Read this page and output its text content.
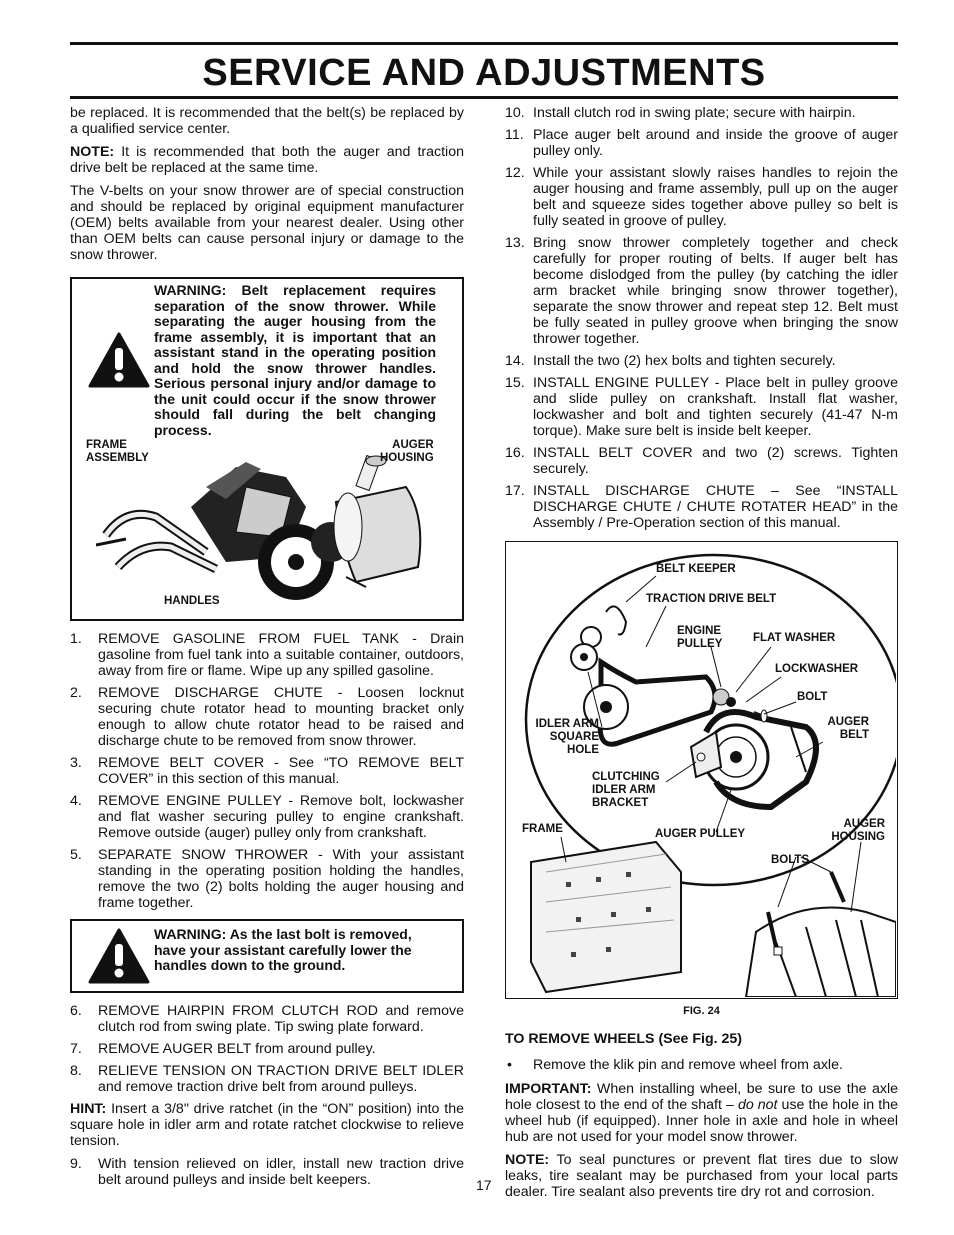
SERVICE AND ADJUSTMENTS

be replaced. It is recommended that the belt(s) be replaced by a qualified service center.

NOTE: It is recommended that both the auger and traction drive belt be replaced at the same time.

The V-belts on your snow thrower are of special construction and should be replaced by original equipment manufacturer (OEM) belts available from your nearest dealer. Using other than OEM belts can cause personal injury or damage to the snow thrower.

WARNING: Belt replacement requires separation of the snow thrower. While separating the auger housing from the frame assembly, it is important that an assistant stand in the operating position and hold the snow thrower handles. Serious personal injury and/or damage to the unit could occur if the snow thrower should fall during the belt changing process.
FRAME
ASSEMBLY
AUGER
HOUSING
HANDLES
1. REMOVE GASOLINE FROM FUEL TANK - Drain gasoline from fuel tank into a suitable container, outdoors, away from fire or flame. Wipe up any spilled gasoline.
2. REMOVE DISCHARGE CHUTE - Loosen locknut securing chute rotator head to mounting bracket only enough to allow chute rotator head to be raised and discharge chute to be removed from snow thrower.
3. REMOVE BELT COVER - See “TO REMOVE BELT COVER” in this section of this manual.
4. REMOVE ENGINE PULLEY - Remove bolt, lockwasher and flat washer securing pulley to engine crankshaft. Remove outside (auger) pulley only from crankshaft.
5. SEPARATE SNOW THROWER - With your assistant standing in the operating position holding the handles, remove the two (2) bolts holding the auger housing and frame together.
WARNING: As the last bolt is removed, have your assistant carefully lower the handles down to the ground.
6. REMOVE HAIRPIN FROM CLUTCH ROD and remove clutch rod from swing plate. Tip swing plate forward.
7. REMOVE AUGER BELT from around pulley.
8. RELIEVE TENSION ON TRACTION DRIVE BELT IDLER and remove traction drive belt from around pulleys.

HINT: Insert a 3/8" drive ratchet (in the “ON” position) into the square hole in idler arm and rotate ratchet clockwise to relieve tension.

9. With tension relieved on idler, install new traction drive belt around pulleys and inside belt keepers.
10. Install clutch rod in swing plate; secure with hairpin.
11. Place auger belt around and inside the groove of auger pulley only.
12. While your assistant slowly raises handles to rejoin the auger housing and frame assembly, pull up on the auger belt and squeeze sides together above pulley so belt is fully seated in groove of pulley.
13. Bring snow thrower completely together and check carefully for proper routing of belts. If auger belt has become dislodged from the pulley (by catching the idler arm bracket while bringing snow thrower together), separate the snow thrower and repeat step 12. Belt must be fully seated in pulley groove when bringing the snow thrower together.
14. Install the two (2) hex bolts and tighten securely.
15. INSTALL ENGINE PULLEY - Place belt in pulley groove and slide pulley on crankshaft. Install flat washer, lockwasher and bolt and tighten securely (41-47 N-m torque). Make sure belt is inside belt keeper.
16. INSTALL BELT COVER and two (2) screws. Tighten securely.
17. INSTALL DISCHARGE CHUTE – See “INSTALL DISCHARGE CHUTE / CHUTE ROTATER HEAD” in the Assembly / Pre-Operation section of this manual.
BELT KEEPER
TRACTION DRIVE BELT
ENGINE
PULLEY	FLAT WASHER
LOCKWASHER
BOLT
IDLER ARM
SQUARE
HOLE
AUGER
BELT
CLUTCHING
IDLER ARM
BRACKET
FRAME	AUGER PULLEY
AUGER
HOUSING
BOLTS
FIG. 24

TO REMOVE WHEELS (See Fig. 25)

• Remove the klik pin and remove wheel from axle.

IMPORTANT: When installing wheel, be sure to use the axle hole closest to the end of the shaft – do not use the hole in the wheel hub (if equipped). Inner hole in axle and hole in wheel hub are not used for your model snow thrower.

NOTE: To seal punctures or prevent flat tires due to slow leaks, tire sealant may be purchased from your local parts dealer. Tire sealant also prevents tire dry rot and corrosion.

17
